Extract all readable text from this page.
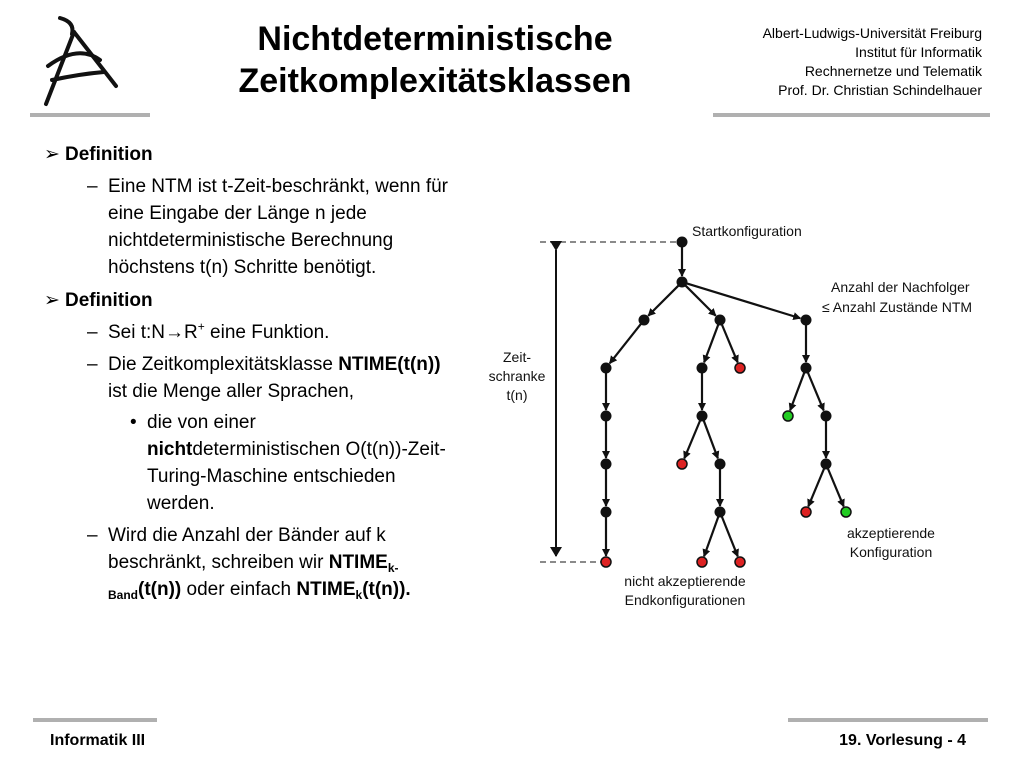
Nichtdeterministische
Zeitkomplexitätsklassen
Albert-Ludwigs-Universität Freiburg
Institut für Informatik
Rechnernetze und Telematik
Prof. Dr. Christian Schindelhauer
➢ Definition
– Eine NTM ist t-Zeit-beschränkt, wenn für eine Eingabe der Länge n jede nichtdeterministische Berechnung höchstens t(n) Schritte benötigt.
➢ Definition
– Sei t:N→R+ eine Funktion.
– Die Zeitkomplexitätsklasse NTIME(t(n)) ist die Menge aller Sprachen,
• die von einer nichtdeterministischen O(t(n))-Zeit-Turing-Maschine entschieden werden.
– Wird die Anzahl der Bänder auf k beschränkt, schreiben wir $NTIME_{k-Band}(t(n))$ oder einfach $NTIME_k(t(n))$.
Startkonfiguration
Anzahl der Nachfolger
≤ Anzahl Zustände NTM
Zeit-
schranke
t(n)
akzeptierende
Konfiguration
nicht akzeptierende
Endkonfigurationen
Informatik III	19. Vorlesung - 4
